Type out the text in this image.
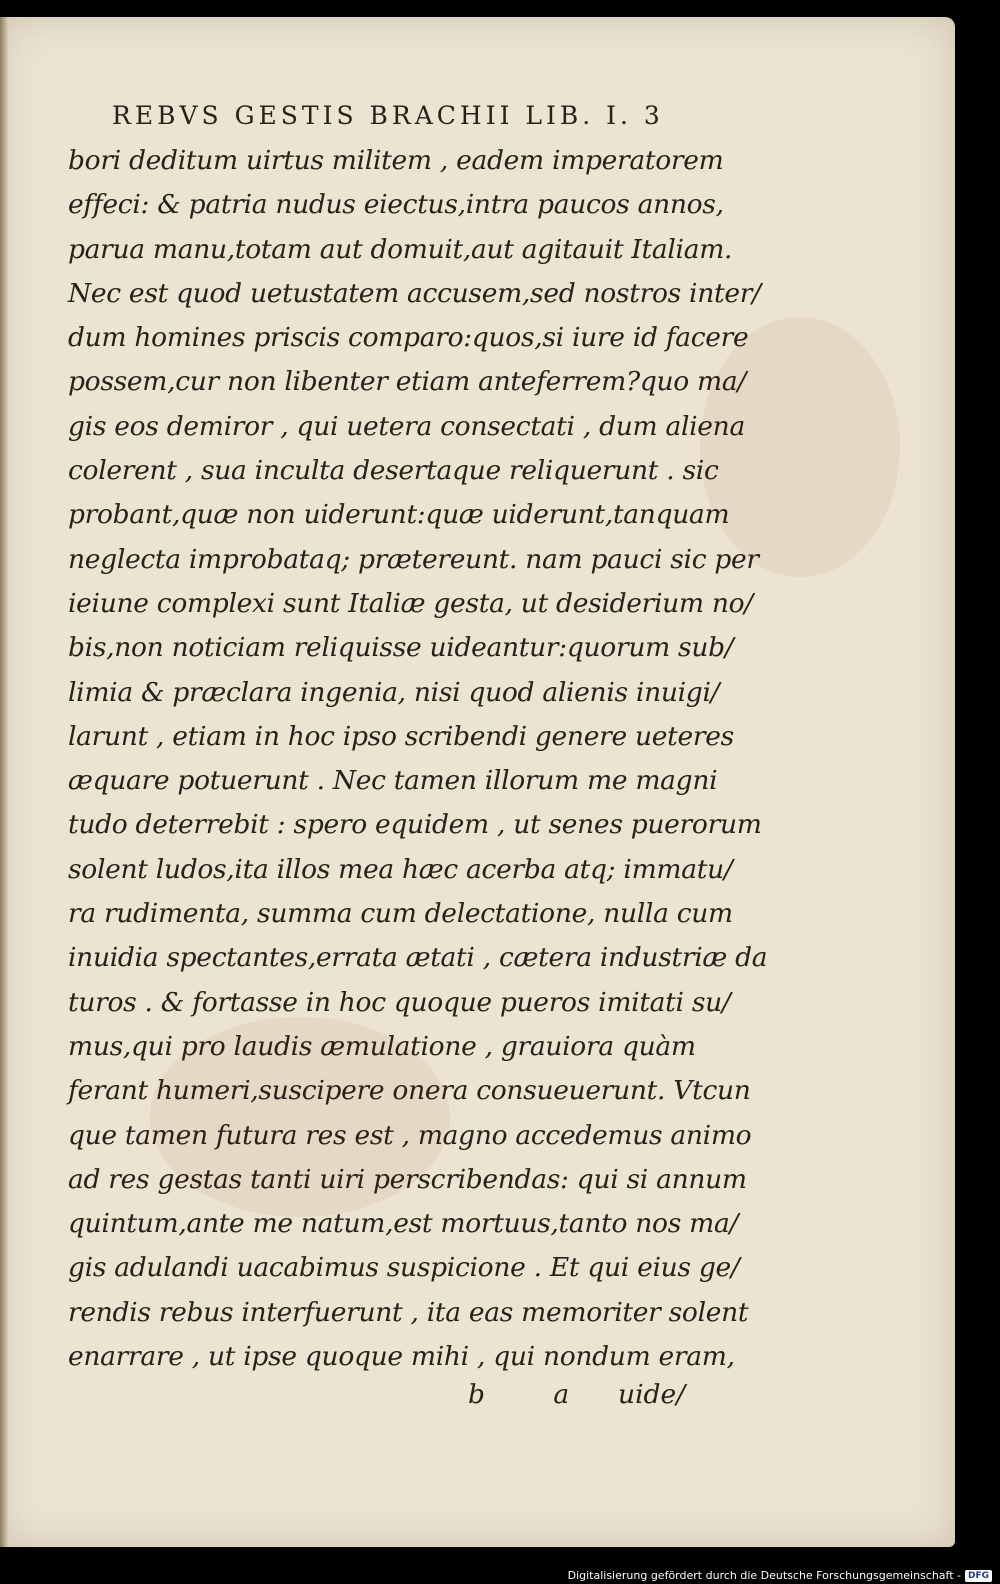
REBVS GESTIS BRACHII LIB. I. 3
bori deditum uirtus militem , eadem imperatorem
effeci: & patria nudus eiectus,intra paucos annos,
parua manu,totam aut domuit,aut agitauit Italiam.
Nec est quod uetustatem accusem,sed nostros inter/
dum homines priscis comparo:quos,si iure id facere
possem,cur non libenter etiam anteferrem?quo ma/
gis eos demiror , qui uetera consectati , dum aliena
colerent , sua inculta desertaque reliquerunt . sic
probant,quæ non uiderunt:quæ uiderunt,tanquam
neglecta improbataq; prætereunt. nam pauci sic per
ieiune complexi sunt Italiæ gesta, ut desiderium no/
bis,non noticiam reliquisse uideantur:quorum sub/
limia & præclara ingenia, nisi quod alienis inuigi/
larunt , etiam in hoc ipso scribendi genere ueteres
æquare potuerunt . Nec tamen illorum me magni
tudo deterrebit : spero equidem , ut senes puerorum
solent ludos,ita illos mea hæc acerba atq; immatu/
ra rudimenta, summa cum delectatione, nulla cum
inuidia spectantes,errata ætati , cætera industriæ da
turos . & fortasse in hoc quoque pueros imitati su/
mus,qui pro laudis æmulatione , grauiora quàm
ferant humeri,suscipere onera consueuerunt. Vtcun
que tamen futura res est , magno accedemus animo
ad res gestas tanti uiri perscribendas: qui si annum
quintum,ante me natum,est mortuus,tanto nos ma/
gis adulandi uacabimus suspicione . Et qui eius ge/
rendis rebus interfuerunt , ita eas memoriter solent
enarrare , ut ipse quoque mihi , qui nondum eram,
b a uide/
Digitalisierung gefördert durch die Deutsche Forschungsgemeinschaft - DFG
